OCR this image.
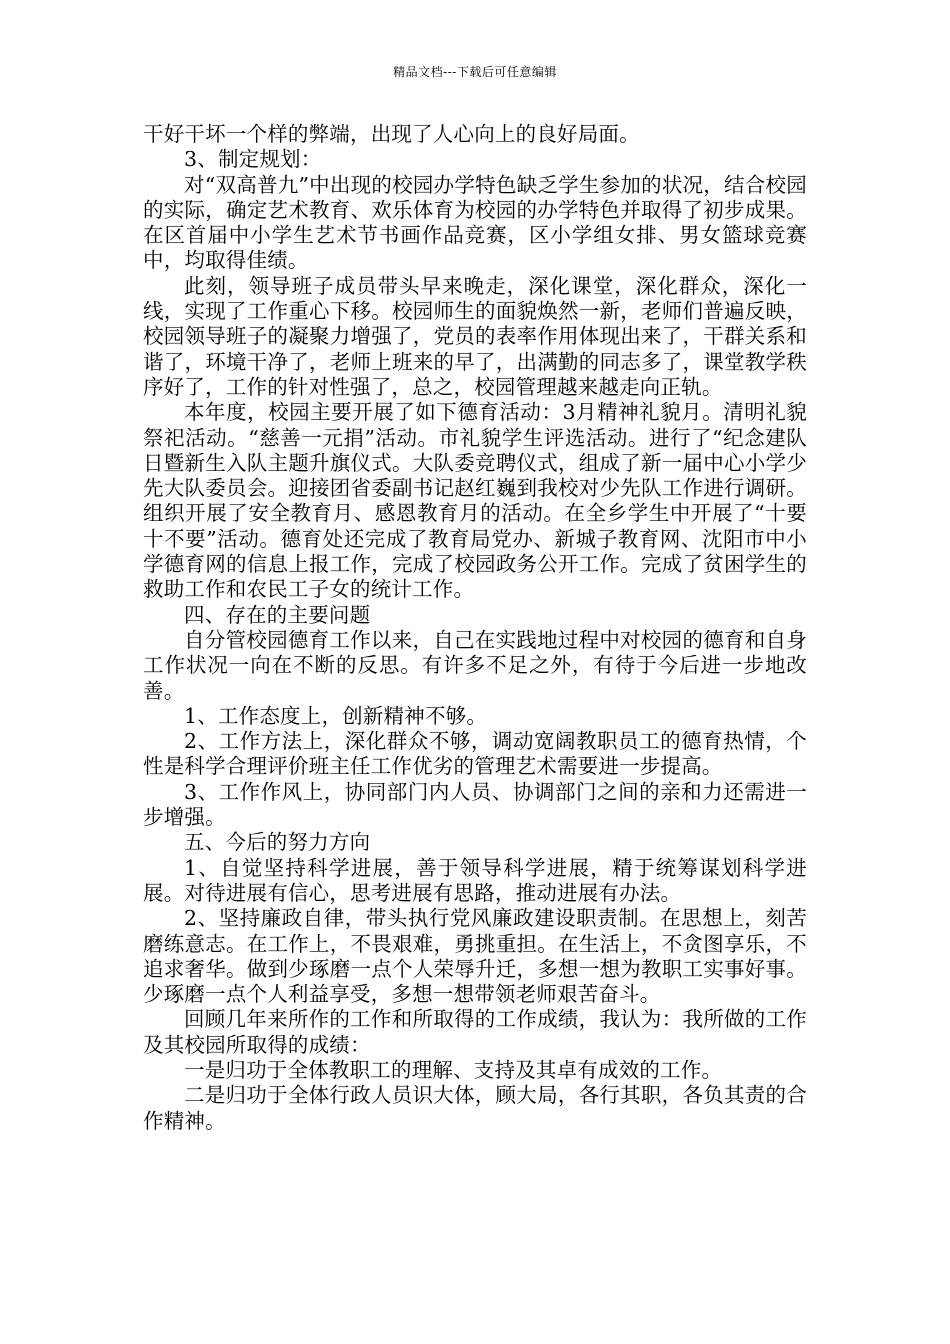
精品文档---下载后可任意编辑

干好干坏一个样的弊端，出现了人心向上的良好局面。

3、制定规划：

对“双高普九”中出现的校园办学特色缺乏学生参加的状况，结合校园的实际，确定艺术教育、欢乐体育为校园的办学特色并取得了初步成果。在区首届中小学生艺术节书画作品竞赛，区小学组女排、男女篮球竞赛中，均取得佳绩。

此刻，领导班子成员带头早来晚走，深化课堂，深化群众，深化一线，实现了工作重心下移。校园师生的面貌焕然一新，老师们普遍反映，校园领导班子的凝聚力增强了，党员的表率作用体现出来了，干群关系和谐了，环境干净了，老师上班来的早了，出满勤的同志多了，课堂教学秩序好了，工作的针对性强了，总之，校园管理越来越走向正轨。

本年度，校园主要开展了如下德育活动：3月精神礼貌月。清明礼貌祭祀活动。“慈善一元捐”活动。市礼貌学生评选活动。进行了“纪念建队日暨新生入队主题升旗仪式。大队委竞聘仪式，组成了新一届中心小学少先大队委员会。迎接团省委副书记赵红巍到我校对少先队工作进行调研。组织开展了安全教育月、感恩教育月的活动。在全乡学生中开展了“十要十不要”活动。德育处还完成了教育局党办、新城子教育网、沈阳市中小学德育网的信息上报工作，完成了校园政务公开工作。完成了贫困学生的救助工作和农民工子女的统计工作。

四、存在的主要问题

自分管校园德育工作以来，自己在实践地过程中对校园的德育和自身工作状况一向在不断的反思。有许多不足之外，有待于今后进一步地改善。

1、工作态度上，创新精神不够。

2、工作方法上，深化群众不够，调动宽阔教职员工的德育热情，个性是科学合理评价班主任工作优劣的管理艺术需要进一步提高。

3、工作作风上，协同部门内人员、协调部门之间的亲和力还需进一步增强。

五、今后的努力方向

1、自觉坚持科学进展，善于领导科学进展，精于统筹谋划科学进展。对待进展有信心，思考进展有思路，推动进展有办法。

2、坚持廉政自律，带头执行党风廉政建设职责制。在思想上，刻苦磨练意志。在工作上，不畏艰难，勇挑重担。在生活上，不贪图享乐，不追求奢华。做到少琢磨一点个人荣辱升迁，多想一想为教职工实事好事。少琢磨一点个人利益享受，多想一想带领老师艰苦奋斗。

回顾几年来所作的工作和所取得的工作成绩，我认为：我所做的工作及其校园所取得的成绩：

一是归功于全体教职工的理解、支持及其卓有成效的工作。

二是归功于全体行政人员识大体，顾大局，各行其职，各负其责的合作精神。
